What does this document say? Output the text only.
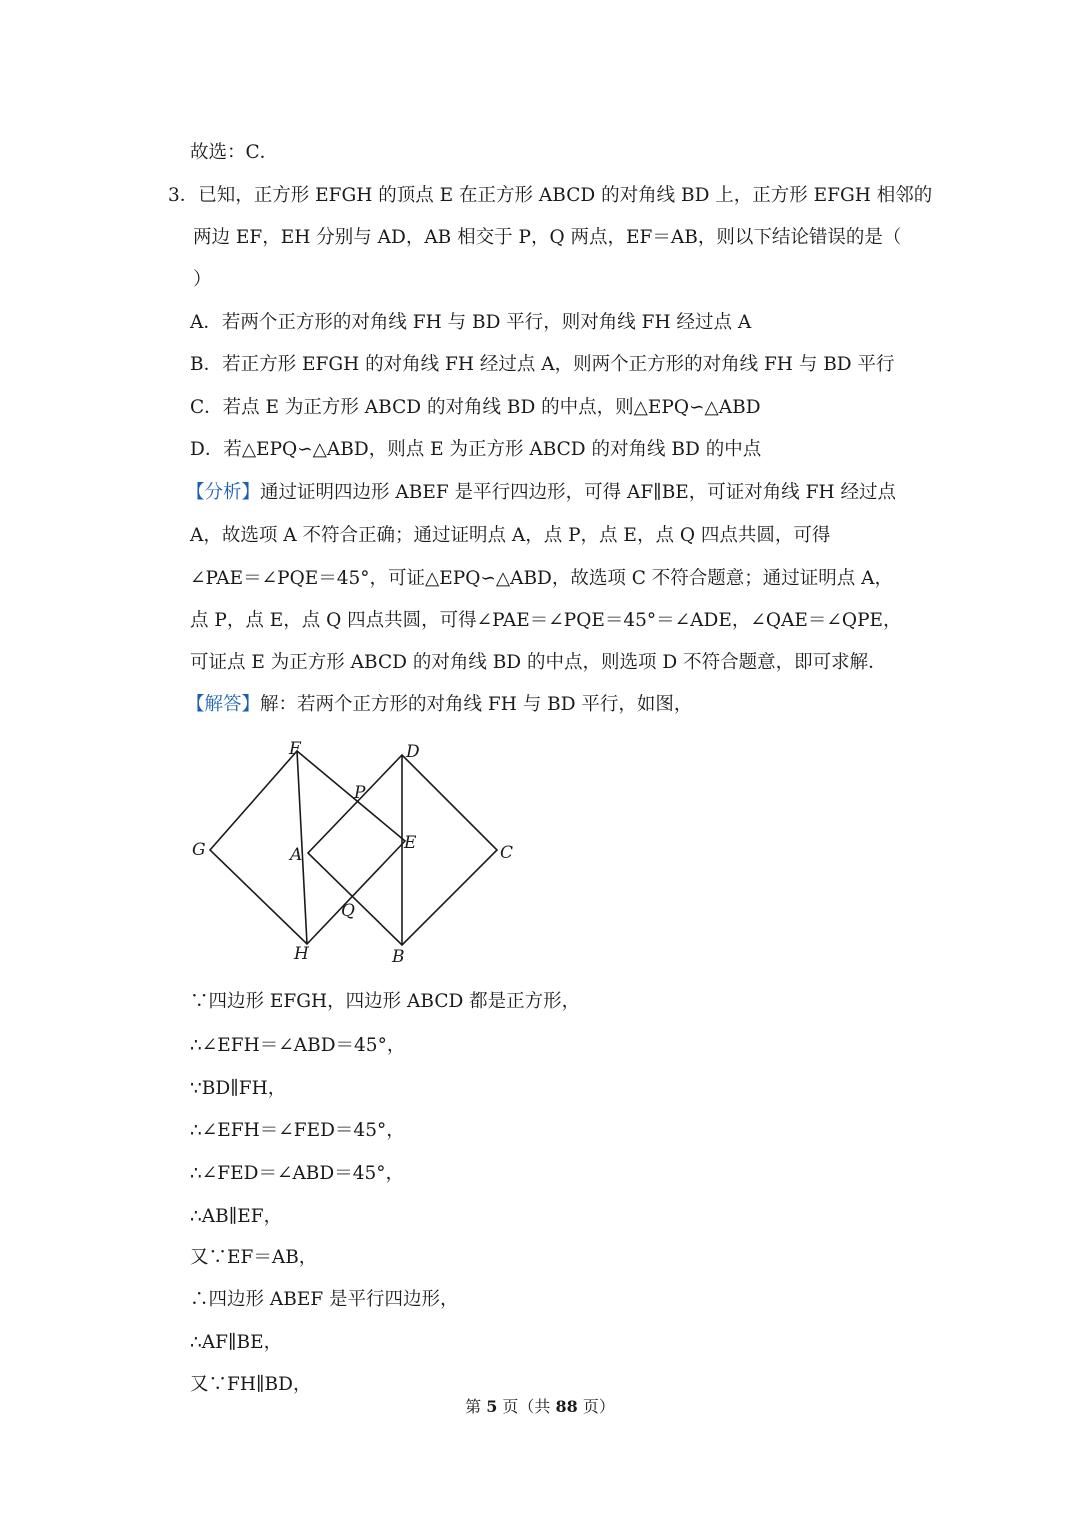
故选：C．
3．已知，正方形 EFGH 的顶点 E 在正方形 ABCD 的对角线 BD 上，正方形 EFGH 相邻的
两边 EF，EH 分别与 AD，AB 相交于 P，Q 两点，EF＝AB，则以下结论错误的是（
）
A．若两个正方形的对角线 FH 与 BD 平行，则对角线 FH 经过点 A
B．若正方形 EFGH 的对角线 FH 经过点 A，则两个正方形的对角线 FH 与 BD 平行
C．若点 E 为正方形 ABCD 的对角线 BD 的中点，则△EPQ∽△ABD
D．若△EPQ∽△ABD，则点 E 为正方形 ABCD 的对角线 BD 的中点
【分析】通过证明四边形 ABEF 是平行四边形，可得 AF∥BE，可证对角线 FH 经过点
A，故选项 A 不符合正确；通过证明点 A，点 P，点 E，点 Q 四点共圆，可得
∠PAE＝∠PQE＝45°，可证△EPQ∽△ABD，故选项 C 不符合题意；通过证明点 A，
点 P，点 E，点 Q 四点共圆，可得∠PAE＝∠PQE＝45°＝∠ADE，∠QAE＝∠QPE，
可证点 E 为正方形 ABCD 的对角线 BD 的中点，则选项 D 不符合题意，即可求解．
【解答】解：若两个正方形的对角线 FH 与 BD 平行，如图，
F	D
P
G	A
E	C
Q
H	B
∵四边形 EFGH，四边形 ABCD 都是正方形，
∴∠EFH＝∠ABD＝45°，
∵BD∥FH，
∴∠EFH＝∠FED＝45°，
∴∠FED＝∠ABD＝45°，
∴AB∥EF，
又∵EF＝AB，
∴四边形 ABEF 是平行四边形，
∴AF∥BE，
又∵FH∥BD，
第 5 页（共 88 页）
